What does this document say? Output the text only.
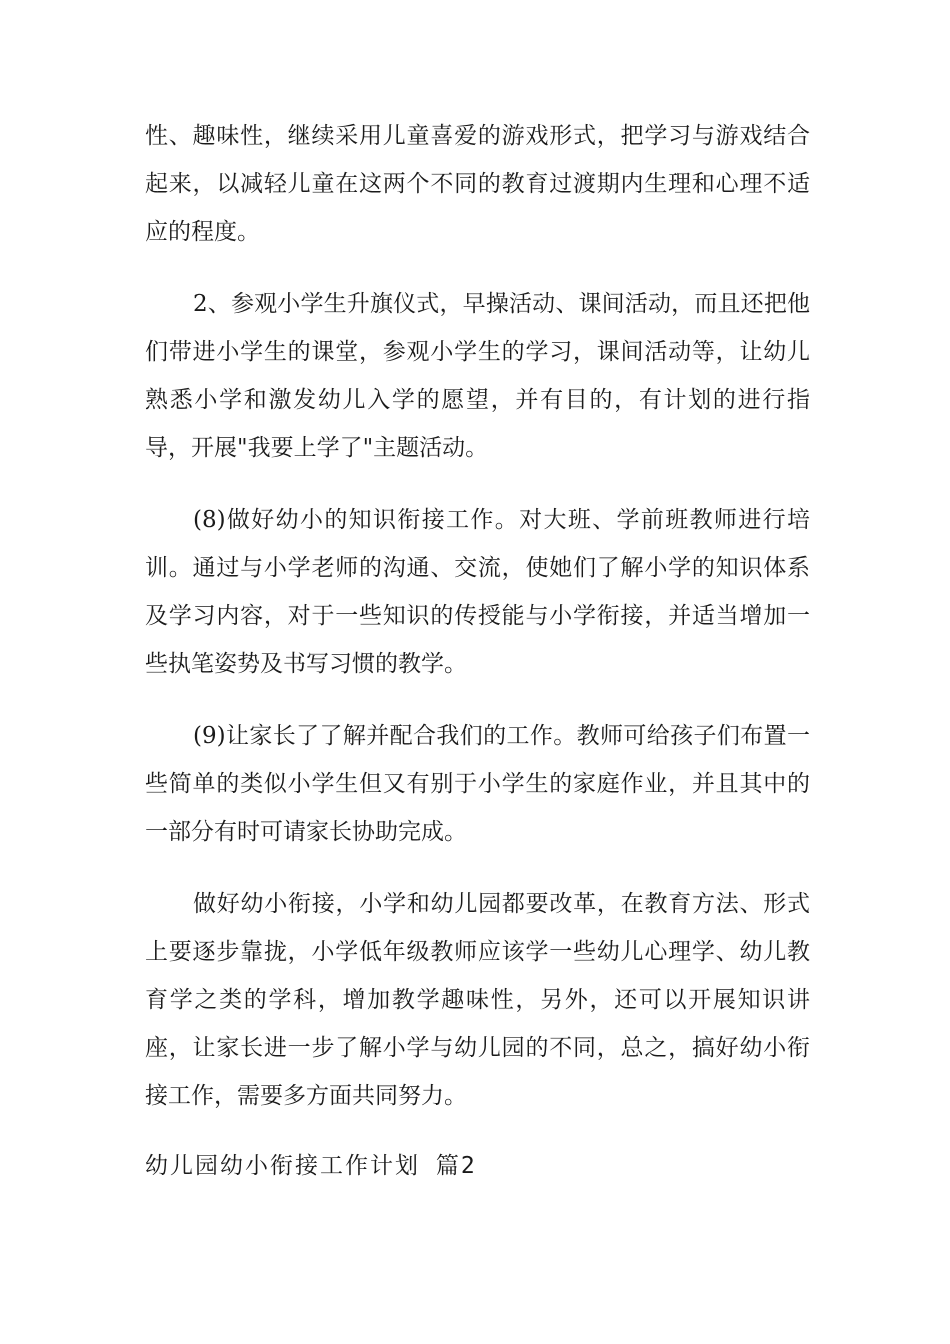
性、趣味性，继续采用儿童喜爱的游戏形式，把学习与游戏结合起来，以减轻儿童在这两个不同的教育过渡期内生理和心理不适应的程度。

2、参观小学生升旗仪式，早操活动、课间活动，而且还把他们带进小学生的课堂，参观小学生的学习，课间活动等，让幼儿熟悉小学和激发幼儿入学的愿望，并有目的，有计划的进行指导，开展"我要上学了"主题活动。

(8)做好幼小的知识衔接工作。对大班、学前班教师进行培训。通过与小学老师的沟通、交流，使她们了解小学的知识体系及学习内容，对于一些知识的传授能与小学衔接，并适当增加一些执笔姿势及书写习惯的教学。

(9)让家长了了解并配合我们的工作。教师可给孩子们布置一些简单的类似小学生但又有别于小学生的家庭作业，并且其中的一部分有时可请家长协助完成。

做好幼小衔接，小学和幼儿园都要改革，在教育方法、形式上要逐步靠拢，小学低年级教师应该学一些幼儿心理学、幼儿教育学之类的学科，增加教学趣味性，另外，还可以开展知识讲座，让家长进一步了解小学与幼儿园的不同，总之，搞好幼小衔接工作，需要多方面共同努力。

幼儿园幼小衔接工作计划 篇2
